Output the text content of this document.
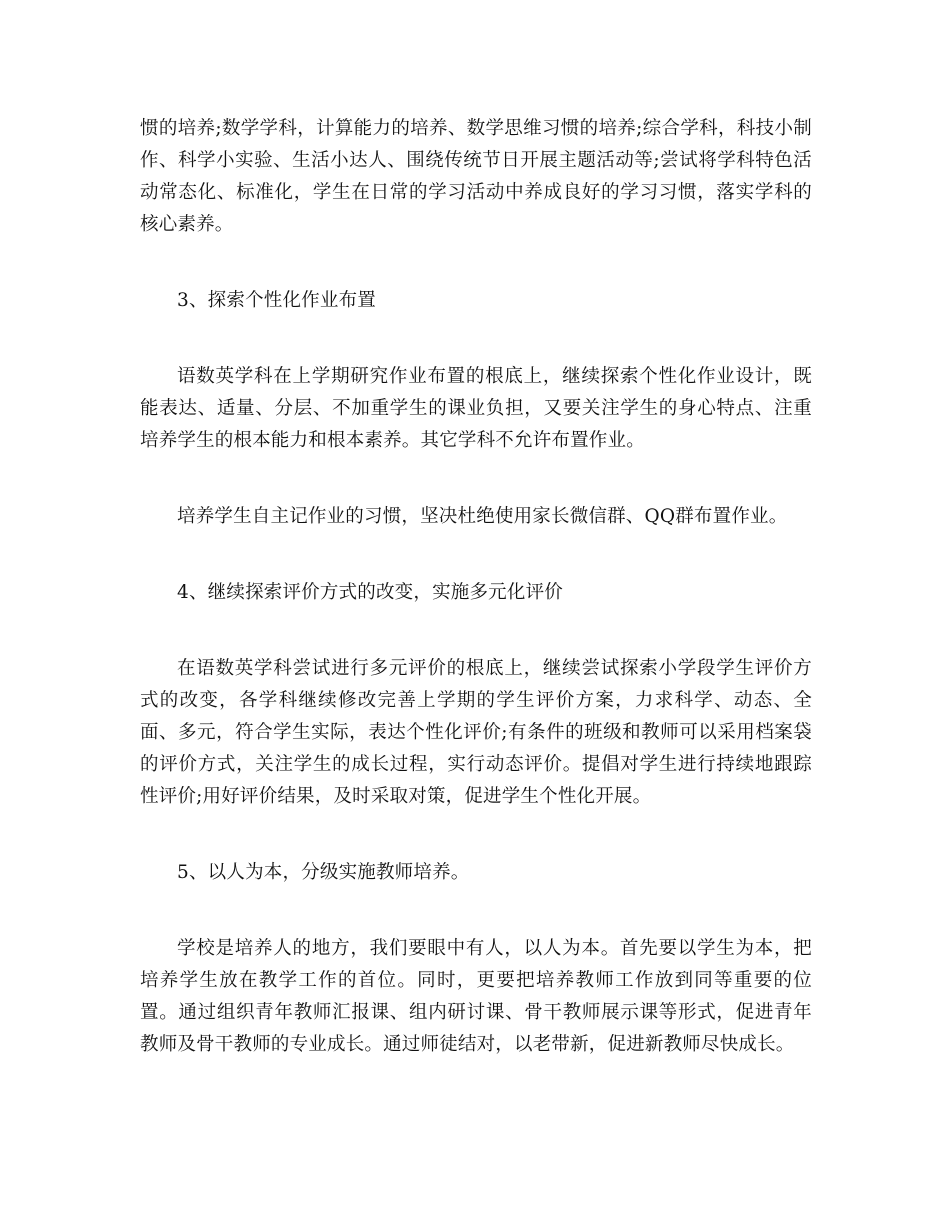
惯的培养;数学学科，计算能力的培养、数学思维习惯的培养;综合学科，科技小制作、科学小实验、生活小达人、围绕传统节日开展主题活动等;尝试将学科特色活动常态化、标准化，学生在日常的学习活动中养成良好的学习习惯，落实学科的核心素养。

3、探索个性化作业布置

语数英学科在上学期研究作业布置的根底上，继续探索个性化作业设计，既能表达、适量、分层、不加重学生的课业负担，又要关注学生的身心特点、注重培养学生的根本能力和根本素养。其它学科不允许布置作业。

培养学生自主记作业的习惯，坚决杜绝使用家长微信群、QQ群布置作业。

4、继续探索评价方式的改变，实施多元化评价

在语数英学科尝试进行多元评价的根底上，继续尝试探索小学段学生评价方式的改变，各学科继续修改完善上学期的学生评价方案，力求科学、动态、全面、多元，符合学生实际，表达个性化评价;有条件的班级和教师可以采用档案袋的评价方式，关注学生的成长过程，实行动态评价。提倡对学生进行持续地跟踪性评价;用好评价结果，及时采取对策，促进学生个性化开展。

5、以人为本，分级实施教师培养。

学校是培养人的地方，我们要眼中有人，以人为本。首先要以学生为本，把培养学生放在教学工作的首位。同时，更要把培养教师工作放到同等重要的位置。通过组织青年教师汇报课、组内研讨课、骨干教师展示课等形式，促进青年教师及骨干教师的专业成长。通过师徒结对，以老带新，促进新教师尽快成长。
